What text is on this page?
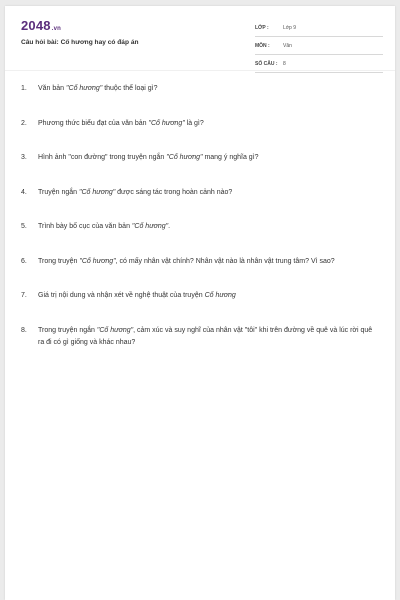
2048.vn
Câu hỏi bài: Cố hương hay có đáp án
LỚP :	Lớp 9
MÔN :	Văn
SỐ CÂU :	8
1.	Văn bản "Cố hương" thuộc thể loại gì?
2.	Phương thức biểu đạt của văn bản "Cố hương" là gì?
3.	Hình ảnh "con đường" trong truyện ngắn "Cố hương" mang ý nghĩa gì?
4.	Truyện ngắn "Cố hương" được sáng tác trong hoàn cảnh nào?
5.	Trình bày bố cục của văn bản "Cố hương".
6.	Trong truyện "Cố hương", có mấy nhân vật chính? Nhân vật nào là nhân vật trung tâm? Vì sao?
7.	Giá trị nội dung và nhận xét về nghệ thuật của truyện Cố hương
8.	Trong truyện ngắn "Cố hương", cảm xúc và suy nghĩ của nhân vật "tôi" khi trên đường về quê và lúc rời quê ra đi có gì giống và khác nhau?
